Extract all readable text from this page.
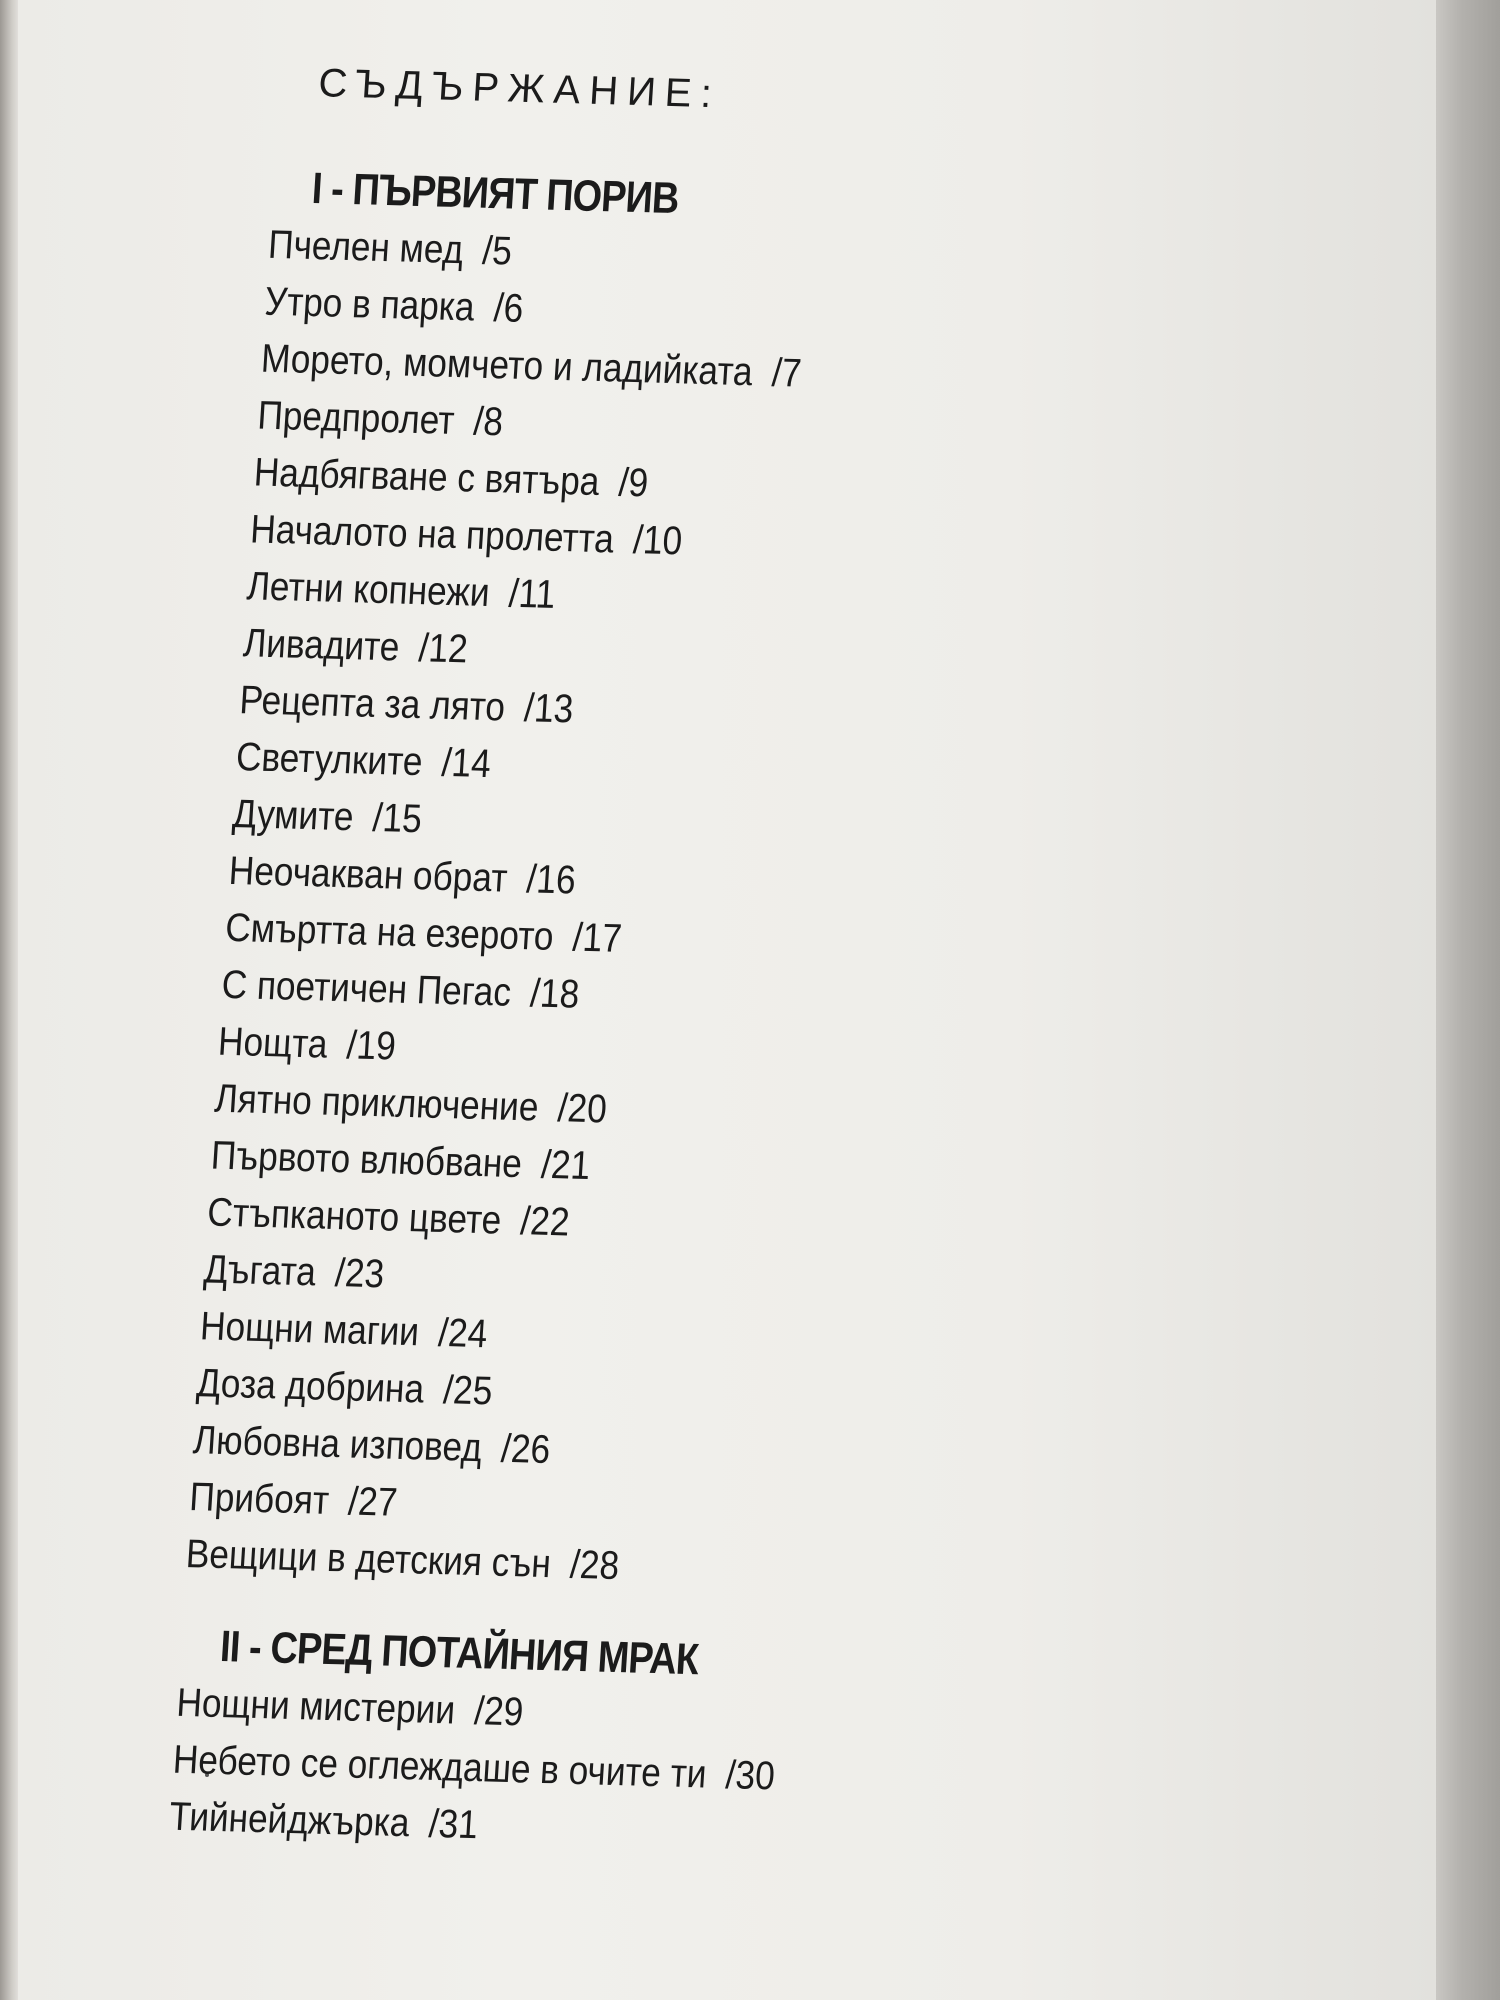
СЪДЪРЖАНИЕ:
I - ПЪРВИЯТ ПОРИВ
Пчелен мед /5
Утро в парка /6
Морето, момчето и ладийката /7
Предпролет /8
Надбягване с вятъра /9
Началото на пролетта /10
Летни копнежи /11
Ливадите /12
Рецепта за лято /13
Светулките /14
Думите /15
Неочакван обрат /16
Смъртта на езерото /17
С поетичен Пегас /18
Нощта /19
Лятно приключение /20
Първото влюбване /21
Стъпканото цвете /22
Дъгата /23
Нощни магии /24
Доза добрина /25
Любовна изповед /26
Прибоят /27
Вещици в детския сън /28
II - СРЕД ПОТАЙНИЯ МРАК
Нощни мистерии /29
Небето се оглеждаше в очите ти /30
Тийнейджърка /31
